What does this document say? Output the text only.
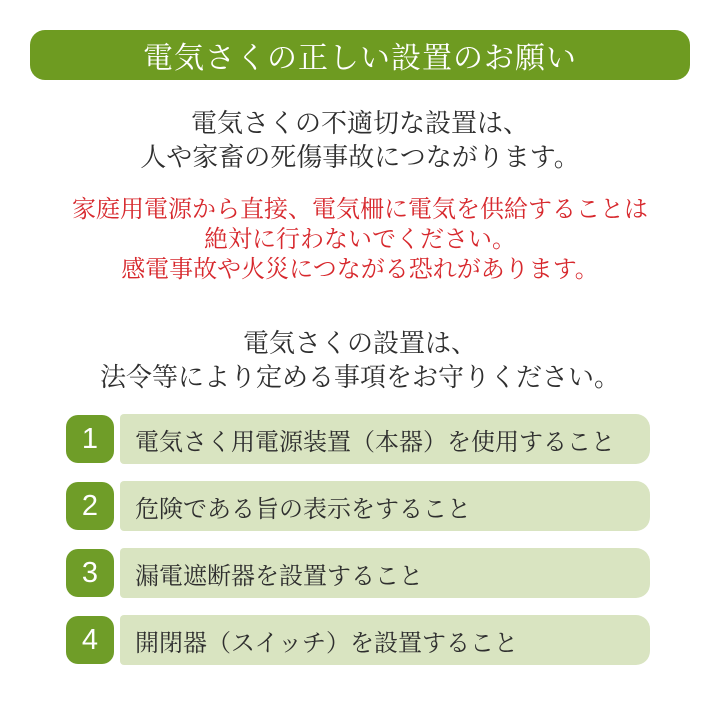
電気さくの正しい設置のお願い
電気さくの不適切な設置は、
人や家畜の死傷事故につながります。
家庭用電源から直接、電気柵に電気を供給することは
絶対に行わないでください。
感電事故や火災につながる恐れがあります。
電気さくの設置は、
法令等により定める事項をお守りください。
1 電気さく用電源装置（本器）を使用すること
2 危険である旨の表示をすること
3 漏電遮断器を設置すること
4 開閉器（スイッチ）を設置すること
